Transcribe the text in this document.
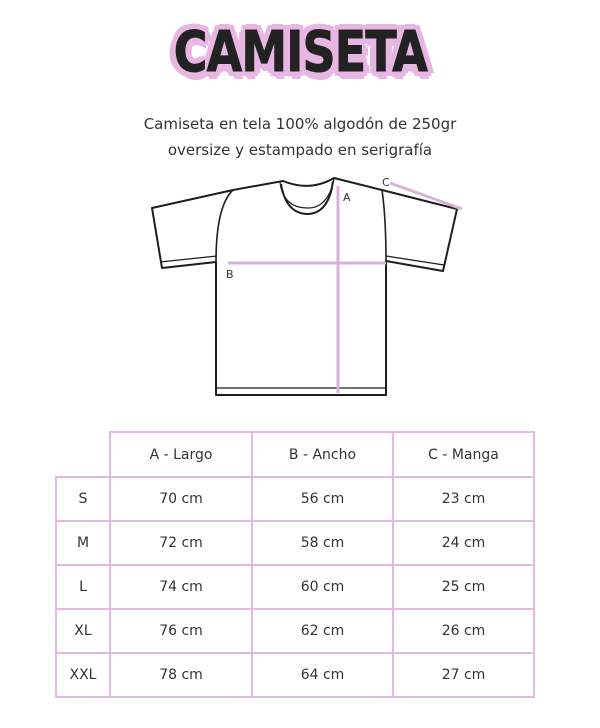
CAMISETA
Camiseta en tela 100% algodón de 250gr
oversize y estampado en serigrafía
A
B
C
	A - Largo	B - Ancho	C - Manga
S	70 cm	56 cm	23 cm
M	72 cm	58 cm	24 cm
L	74 cm	60 cm	25 cm
XL	76 cm	62 cm	26 cm
XXL	78 cm	64 cm	27 cm
